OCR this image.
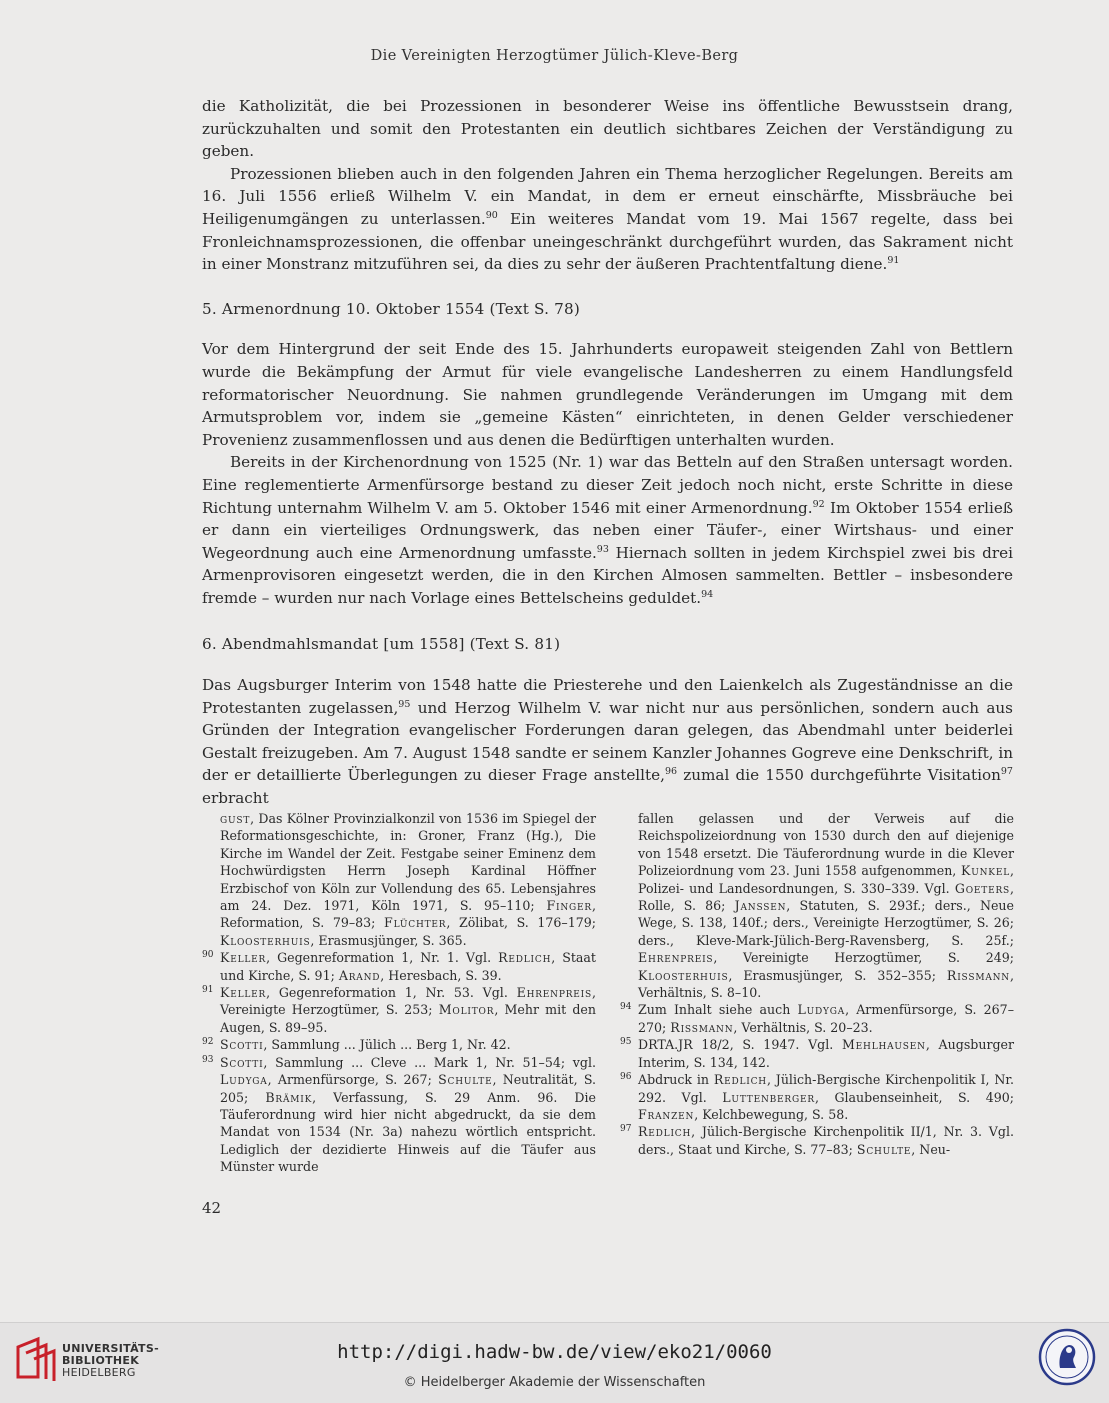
Die Vereinigten Herzogtümer Jülich-Kleve-Berg

die Katholizität, die bei Prozessionen in besonderer Weise ins öffentliche Bewusstsein drang, zurückzuhalten und somit den Protestanten ein deutlich sichtbares Zeichen der Verständigung zu geben.

Prozessionen blieben auch in den folgenden Jahren ein Thema herzoglicher Regelungen. Bereits am 16. Juli 1556 erließ Wilhelm V. ein Mandat, in dem er erneut einschärfte, Missbräuche bei Heiligenumgängen zu unterlassen.$^{90}$ Ein weiteres Mandat vom 19. Mai 1567 regelte, dass bei Fronleichnamsprozessionen, die offenbar uneingeschränkt durchgeführt wurden, das Sakrament nicht in einer Monstranz mitzuführen sei, da dies zu sehr der äußeren Prachtentfaltung diene.$^{91}$

5. Armenordnung 10. Oktober 1554 (Text S. 78)

Vor dem Hintergrund der seit Ende des 15. Jahrhunderts europaweit steigenden Zahl von Bettlern wurde die Bekämpfung der Armut für viele evangelische Landesherren zu einem Handlungsfeld reformatorischer Neuordnung. Sie nahmen grundlegende Veränderungen im Umgang mit dem Armutsproblem vor, indem sie „gemeine Kästen“ einrichteten, in denen Gelder verschiedener Provenienz zusammenflossen und aus denen die Bedürftigen unterhalten wurden.

Bereits in der Kirchenordnung von 1525 (Nr. 1) war das Betteln auf den Straßen untersagt worden. Eine reglementierte Armenfürsorge bestand zu dieser Zeit jedoch noch nicht, erste Schritte in diese Richtung unternahm Wilhelm V. am 5. Oktober 1546 mit einer Armenordnung.$^{92}$ Im Oktober 1554 erließ er dann ein vierteiliges Ordnungswerk, das neben einer Täufer-, einer Wirtshaus- und einer Wegeordnung auch eine Armenordnung umfasste.$^{93}$ Hiernach sollten in jedem Kirchspiel zwei bis drei Armenprovisoren eingesetzt werden, die in den Kirchen Almosen sammelten. Bettler – insbesondere fremde – wurden nur nach Vorlage eines Bettelscheins geduldet.$^{94}$

6. Abendmahlsmandat [um 1558] (Text S. 81)

Das Augsburger Interim von 1548 hatte die Priesterehe und den Laienkelch als Zugeständnisse an die Protestanten zugelassen,$^{95}$ und Herzog Wilhelm V. war nicht nur aus persönlichen, sondern auch aus Gründen der Integration evangelischer Forderungen daran gelegen, das Abendmahl unter beiderlei Gestalt freizugeben. Am 7. August 1548 sandte er seinem Kanzler Johannes Gogreve eine Denkschrift, in der er detaillierte Überlegungen zu dieser Frage anstellte,$^{96}$ zumal die 1550 durchgeführte Visitation$^{97}$ erbracht

gust, Das Kölner Provinzialkonzil von 1536 im Spiegel der Reformationsgeschichte, in: Groner, Franz (Hg.), Die Kirche im Wandel der Zeit. Festgabe seiner Eminenz dem Hochwürdigsten Herrn Joseph Kardinal Höffner Erzbischof von Köln zur Vollendung des 65. Lebensjahres am 24. Dez. 1971, Köln 1971, S. 95–110; Finger, Reformation, S. 79–83; Flüchter, Zölibat, S. 176–179; Kloosterhuis, Erasmusjünger, S. 365.

90 Keller, Gegenreformation 1, Nr. 1. Vgl. Redlich, Staat und Kirche, S. 91; Arand, Heresbach, S. 39.

91 Keller, Gegenreformation 1, Nr. 53. Vgl. Ehrenpreis, Vereinigte Herzogtümer, S. 253; Molitor, Mehr mit den Augen, S. 89–95.

92 Scotti, Sammlung ... Jülich ... Berg 1, Nr. 42.

93 Scotti, Sammlung ... Cleve ... Mark 1, Nr. 51–54; vgl. Ludyga, Armenfürsorge, S. 267; Schulte, Neutralität, S. 205; Brämik, Verfassung, S. 29 Anm. 96. Die Täuferordnung wird hier nicht abgedruckt, da sie dem Mandat von 1534 (Nr. 3a) nahezu wörtlich entspricht. Lediglich der dezidierte Hinweis auf die Täufer aus Münster wurde

fallen gelassen und der Verweis auf die Reichspolizeiordnung von 1530 durch den auf diejenige von 1548 ersetzt. Die Täuferordnung wurde in die Klever Polizeiordnung vom 23. Juni 1558 aufgenommen, Kunkel, Polizei- und Landesordnungen, S. 330–339. Vgl. Goeters, Rolle, S. 86; Janssen, Statuten, S. 293f.; ders., Neue Wege, S. 138, 140f.; ders., Vereinigte Herzogtümer, S. 26; ders., Kleve-Mark-Jülich-Berg-Ravensberg, S. 25f.; Ehrenpreis, Vereinigte Herzogtümer, S. 249; Kloosterhuis, Erasmusjünger, S. 352–355; Rissmann, Verhältnis, S. 8–10.

94 Zum Inhalt siehe auch Ludyga, Armenfürsorge, S. 267–270; Rissmann, Verhältnis, S. 20–23.

95 DRTA.JR 18/2, S. 1947. Vgl. Mehlhausen, Augsburger Interim, S. 134, 142.

96 Abdruck in Redlich, Jülich-Bergische Kirchenpolitik I, Nr. 292. Vgl. Luttenberger, Glaubenseinheit, S. 490; Franzen, Kelchbewegung, S. 58.

97 Redlich, Jülich-Bergische Kirchenpolitik II/1, Nr. 3. Vgl. ders., Staat und Kirche, S. 77–83; Schulte, Neu-

42
UNIVERSITÄTS-
BIBLIOTHEK
HEIDELBERG
http://digi.hadw-bw.de/view/eko21/0060
© Heidelberger Akademie der Wissenschaften
